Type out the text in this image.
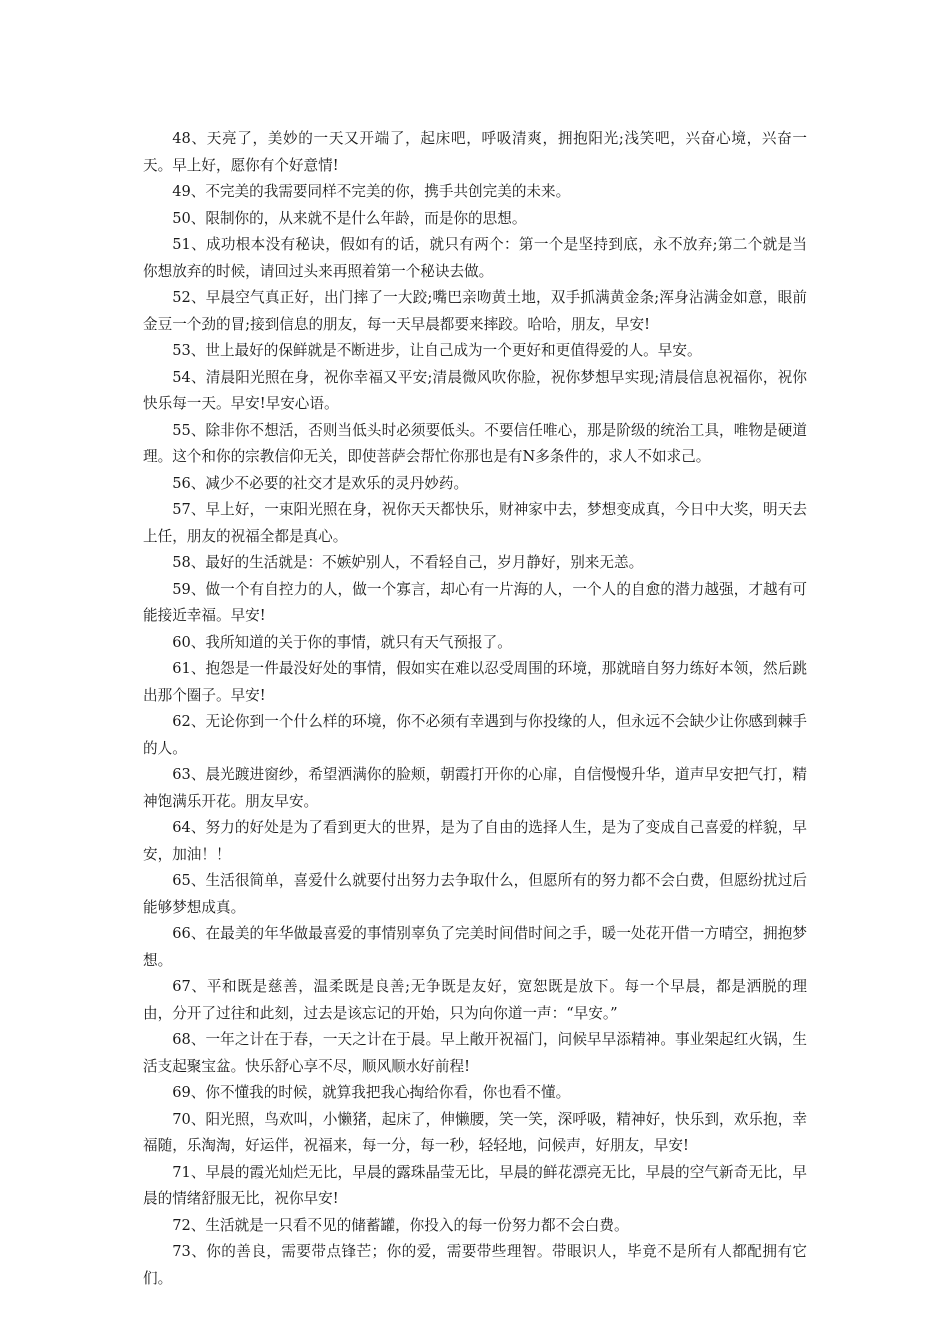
48、天亮了，美妙的一天又开端了，起床吧，呼吸清爽，拥抱阳光;浅笑吧，兴奋心境，兴奋一天。早上好，愿你有个好意情!

49、不完美的我需要同样不完美的你，携手共创完美的未来。

50、限制你的，从来就不是什么年龄，而是你的思想。

51、成功根本没有秘诀，假如有的话，就只有两个：第一个是坚持到底，永不放弃;第二个就是当你想放弃的时候，请回过头来再照着第一个秘诀去做。

52、早晨空气真正好，出门摔了一大跤;嘴巴亲吻黄土地，双手抓满黄金条;浑身沾满金如意，眼前金豆一个劲的冒;接到信息的朋友，每一天早晨都要来摔跤。哈哈，朋友，早安!

53、世上最好的保鲜就是不断进步，让自己成为一个更好和更值得爱的人。早安。

54、清晨阳光照在身，祝你幸福又平安;清晨微风吹你脸，祝你梦想早实现;清晨信息祝福你，祝你快乐每一天。早安!早安心语。

55、除非你不想活，否则当低头时必须要低头。不要信任唯心，那是阶级的统治工具，唯物是硬道理。这个和你的宗教信仰无关，即使菩萨会帮忙你那也是有N多条件的，求人不如求己。

56、减少不必要的社交才是欢乐的灵丹妙药。

57、早上好，一束阳光照在身，祝你天天都快乐，财神家中去，梦想变成真，今日中大奖，明天去上任，朋友的祝福全都是真心。

58、最好的生活就是：不嫉妒别人，不看轻自己，岁月静好，别来无恙。

59、做一个有自控力的人，做一个寡言，却心有一片海的人，一个人的自愈的潜力越强，才越有可能接近幸福。早安!

60、我所知道的关于你的事情，就只有天气预报了。

61、抱怨是一件最没好处的事情，假如实在难以忍受周围的环境，那就暗自努力练好本领，然后跳出那个圈子。早安!

62、无论你到一个什么样的环境，你不必须有幸遇到与你投缘的人，但永远不会缺少让你感到棘手的人。

63、晨光踱进窗纱，希望洒满你的脸颊，朝霞打开你的心扉，自信慢慢升华，道声早安把气打，精神饱满乐开花。朋友早安。

64、努力的好处是为了看到更大的世界，是为了自由的选择人生，是为了变成自己喜爱的样貌，早安，加油！！

65、生活很简单，喜爱什么就要付出努力去争取什么，但愿所有的努力都不会白费，但愿纷扰过后能够梦想成真。

66、在最美的年华做最喜爱的事情别辜负了完美时间借时间之手，暖一处花开借一方晴空，拥抱梦想。

67、平和既是慈善，温柔既是良善;无争既是友好，宽恕既是放下。每一个早晨，都是洒脱的理由，分开了过往和此刻，过去是该忘记的开始，只为向你道一声：“早安。”

68、一年之计在于春，一天之计在于晨。早上敞开祝福门，问候早早添精神。事业架起红火锅，生活支起聚宝盆。快乐舒心享不尽，顺风顺水好前程!

69、你不懂我的时候，就算我把我心掏给你看，你也看不懂。

70、阳光照，鸟欢叫，小懒猪，起床了，伸懒腰，笑一笑，深呼吸，精神好，快乐到，欢乐抱，幸福随，乐淘淘，好运伴，祝福来，每一分，每一秒，轻轻地，问候声，好朋友，早安!

71、早晨的霞光灿烂无比，早晨的露珠晶莹无比，早晨的鲜花漂亮无比，早晨的空气新奇无比，早晨的情绪舒服无比，祝你早安!

72、生活就是一只看不见的储蓄罐，你投入的每一份努力都不会白费。

73、你的善良，需要带点锋芒；你的爱，需要带些理智。带眼识人，毕竟不是所有人都配拥有它们。
